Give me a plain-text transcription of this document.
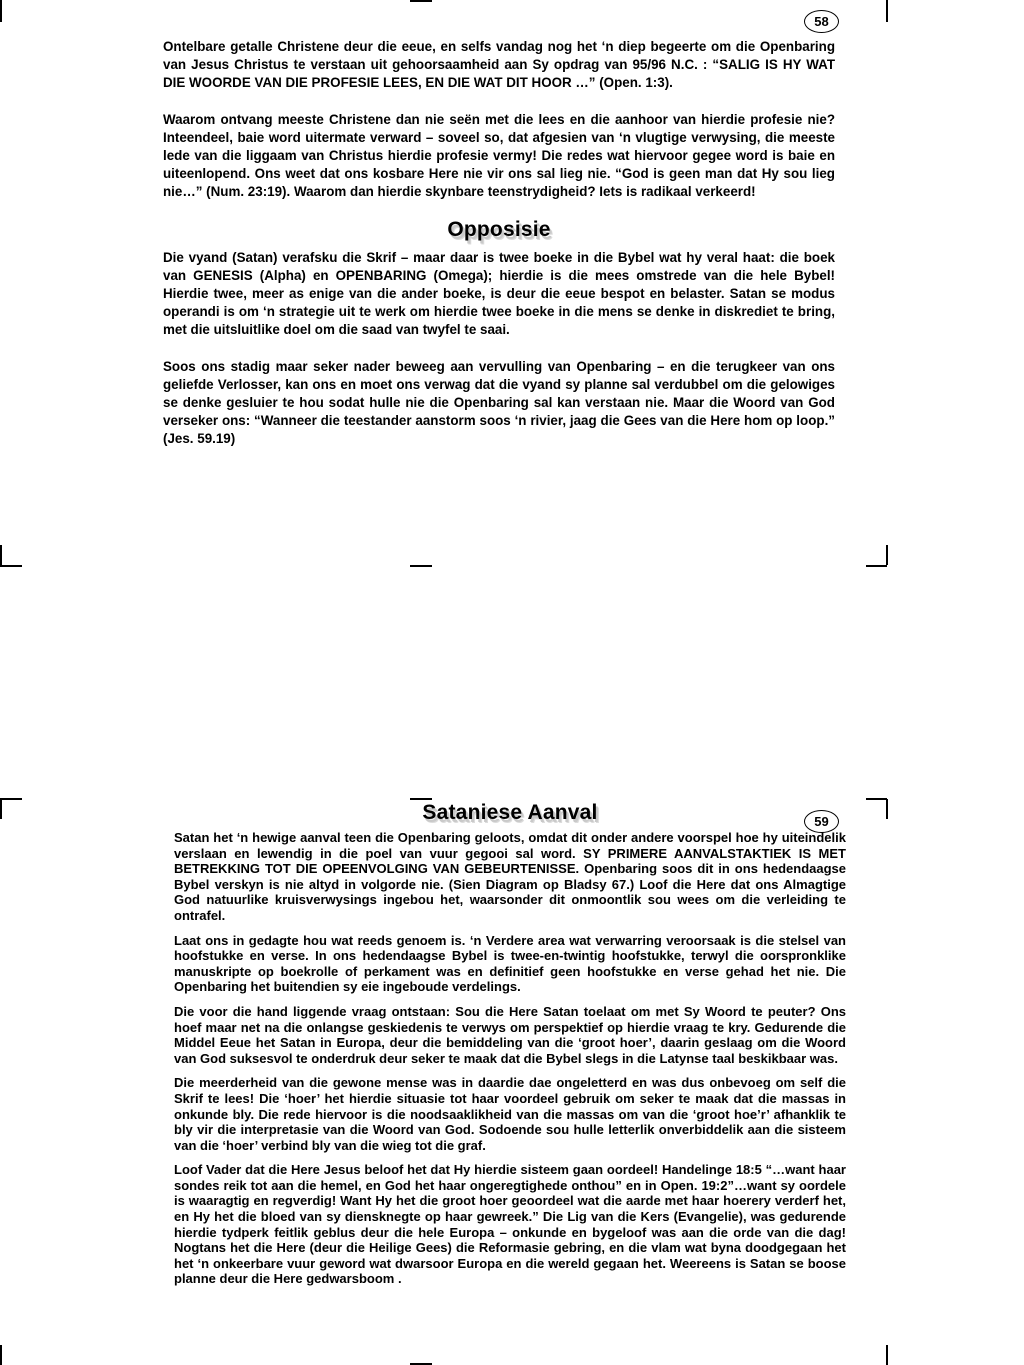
58

Ontelbare getalle Christene deur die eeue, en selfs vandag nog het ‘n diep begeerte om die Openbaring van Jesus Christus te verstaan uit gehoorsaamheid aan Sy opdrag van 95/96 N.C. : “SALIG IS HY WAT DIE WOORDE VAN DIE PROFESIE LEES, EN DIE WAT DIT HOOR …” (Open. 1:3).

Waarom ontvang meeste Christene dan nie seën met die lees en die aanhoor van hierdie profesie nie? Inteendeel, baie word uitermate verward – soveel so, dat afgesien van ‘n vlugtige verwysing, die meeste lede van die liggaam van Christus hierdie profesie vermy! Die redes wat hiervoor gegee word is baie en uiteenlopend. Ons weet dat ons kosbare Here nie vir ons sal lieg nie. “God is geen man dat Hy sou lieg nie…” (Num. 23:19). Waarom dan hierdie skynbare teenstrydigheid? Iets is radikaal verkeerd!

Opposisie

Die vyand (Satan) verafsku die Skrif – maar daar is twee boeke in die Bybel wat hy veral haat: die boek van GENESIS (Alpha) en OPENBARING (Omega); hierdie is die mees omstrede van die hele Bybel! Hierdie twee, meer as enige van die ander boeke, is deur die eeue bespot en belaster. Satan se modus operandi is om ‘n strategie uit te werk om hierdie twee boeke in die mens se denke in diskrediet te bring, met die uitsluitlike doel om die saad van twyfel te saai.

Soos ons stadig maar seker nader beweeg aan vervulling van Openbaring – en die terugkeer van ons geliefde Verlosser, kan ons en moet ons verwag dat die vyand sy planne sal verdubbel om die gelowiges se denke gesluier te hou sodat hulle nie die Openbaring sal kan verstaan nie. Maar die Woord van God verseker ons: “Wanneer die teestander aanstorm soos ‘n rivier, jaag die Gees van die Here hom op loop.” (Jes. 59.19)

Sataniese Aanval	59

Satan het ‘n hewige aanval teen die Openbaring geloots, omdat dit onder andere voorspel hoe hy uiteindelik verslaan en lewendig in die poel van vuur gegooi sal word. SY PRIMERE AANVALSTAKTIEK IS MET BETREKKING TOT DIE OPEENVOLGING VAN GEBEURTENISSE. Openbaring soos dit in ons hedendaagse Bybel verskyn is nie altyd in volgorde nie. (Sien Diagram op Bladsy 67.) Loof die Here dat ons Almagtige God natuurlike kruisverwysings ingebou het, waarsonder dit onmoontlik sou wees om die verleiding te ontrafel.

Laat ons in gedagte hou wat reeds genoem is. ‘n Verdere area wat verwarring veroorsaak is die stelsel van hoofstukke en verse. In ons hedendaagse Bybel is twee-en-twintig hoofstukke, terwyl die oorspronklike manuskripte op boekrolle of perkament was en definitief geen hoofstukke en verse gehad het nie. Die Openbaring het buitendien sy eie ingeboude verdelings.

Die voor die hand liggende vraag ontstaan: Sou die Here Satan toelaat om met Sy Woord te peuter? Ons hoef maar net na die onlangse geskiedenis te verwys om perspektief op hierdie vraag te kry. Gedurende die Middel Eeue het Satan in Europa, deur die bemiddeling van die ‘groot hoer’, daarin geslaag om die Woord van God suksesvol te onderdruk deur seker te maak dat die Bybel slegs in die Latynse taal beskikbaar was.

Die meerderheid van die gewone mense was in daardie dae ongeletterd en was dus onbevoeg om self die Skrif te lees! Die ‘hoer’ het hierdie situasie tot haar voordeel gebruik om seker te maak dat die massas in onkunde bly. Die rede hiervoor is die noodsaaklikheid van die massas om van die ‘groot hoe’r’ afhanklik te bly vir die interpretasie van die Woord van God. Sodoende sou hulle letterlik onverbiddelik aan die sisteem van die ‘hoer’ verbind bly van die wieg tot die graf.

Loof Vader dat die Here Jesus beloof het dat Hy hierdie sisteem gaan oordeel! Handelinge 18:5 “…want haar sondes reik tot aan die hemel, en God het haar ongeregtighede onthou” en in Open. 19:2”…want sy oordele is waaragtig en regverdig! Want Hy het die groot hoer geoordeel wat die aarde met haar hoerery verderf het, en Hy het die bloed van sy diensknegte op haar gewreek.” Die Lig van die Kers (Evangelie), was gedurende hierdie tydperk feitlik geblus deur die hele Europa – onkunde en bygeloof was aan die orde van die dag! Nogtans het die Here (deur die Heilige Gees) die Reformasie gebring, en die vlam wat byna doodgegaan het het ‘n onkeerbare vuur geword wat dwarsoor Europa en die wereld gegaan het. Weereens is Satan se boose planne deur die Here gedwarsboom .
